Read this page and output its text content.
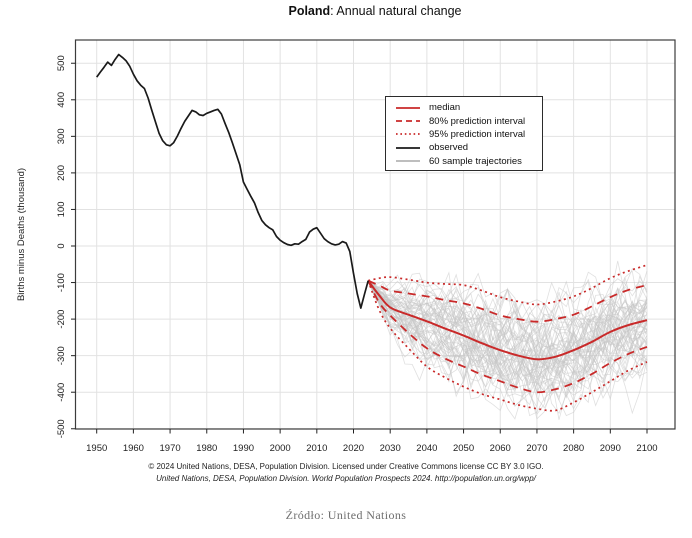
Poland: Annual natural change
1950 1960 1970 1980 1990 2000 2010 2020 2030 2040 2050 2060 2070 2080 2090 2100
-500
-400
-300
-200
-100
0
100
200
300
400
500
Births minus Deaths (thousand)
median
80% prediction interval
95% prediction interval
observed
60 sample trajectories
© 2024 United Nations, DESA, Population Division. Licensed under Creative Commons license CC BY 3.0 IGO.
United Nations, DESA, Population Division. World Population Prospects 2024. http://population.un.org/wpp/
Źródło: United Nations
